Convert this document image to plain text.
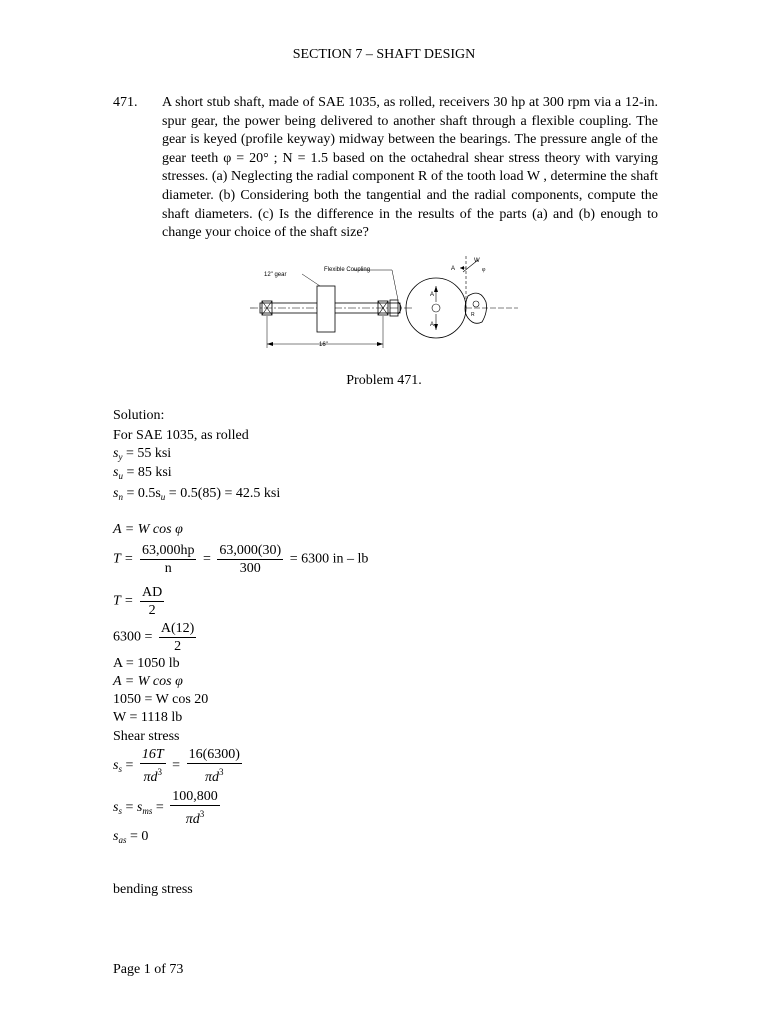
SECTION 7 – SHAFT DESIGN
471. A short stub shaft, made of SAE 1035, as rolled, receivers 30 hp at 300 rpm via a 12-in. spur gear, the power being delivered to another shaft through a flexible coupling. The gear is keyed (profile keyway) midway between the bearings. The pressure angle of the gear teeth φ = 20° ; N = 1.5 based on the octahedral shear stress theory with varying stresses. (a) Neglecting the radial component R of the tooth load W , determine the shaft diameter. (b) Considering both the tangential and the radial components, compute the shaft diameters. (c) Is the difference in the results of the parts (a) and (b) enough to change your choice of the shaft size?
12" gear
Flexible Coupling
16"
A
A
A
W
φ
R
Problem 471.
Solution:
For SAE 1035, as rolled
$s_y = 55$ ksi
$s_u = 85$ ksi
$s_n = 0.5s_u = 0.5(85) = 42.5$ ksi
A = W cos φ
$T = \frac{63,000hp}{n} = \frac{63,000(30)}{300} = 6300$ in – lb
$T = \frac{AD}{2}$
$6300 = \frac{A(12)}{2}$
A = 1050 lb
A = W cos φ
1050 = W cos 20
W = 1118 lb
Shear stress
$s_s = \frac{16T}{\pi d^3} = \frac{16(6300)}{\pi d^3}$
$s_s = s_{ms} = \frac{100,800}{\pi d^3}$
$s_{as} = 0$
bending stress
Page 1 of 73
